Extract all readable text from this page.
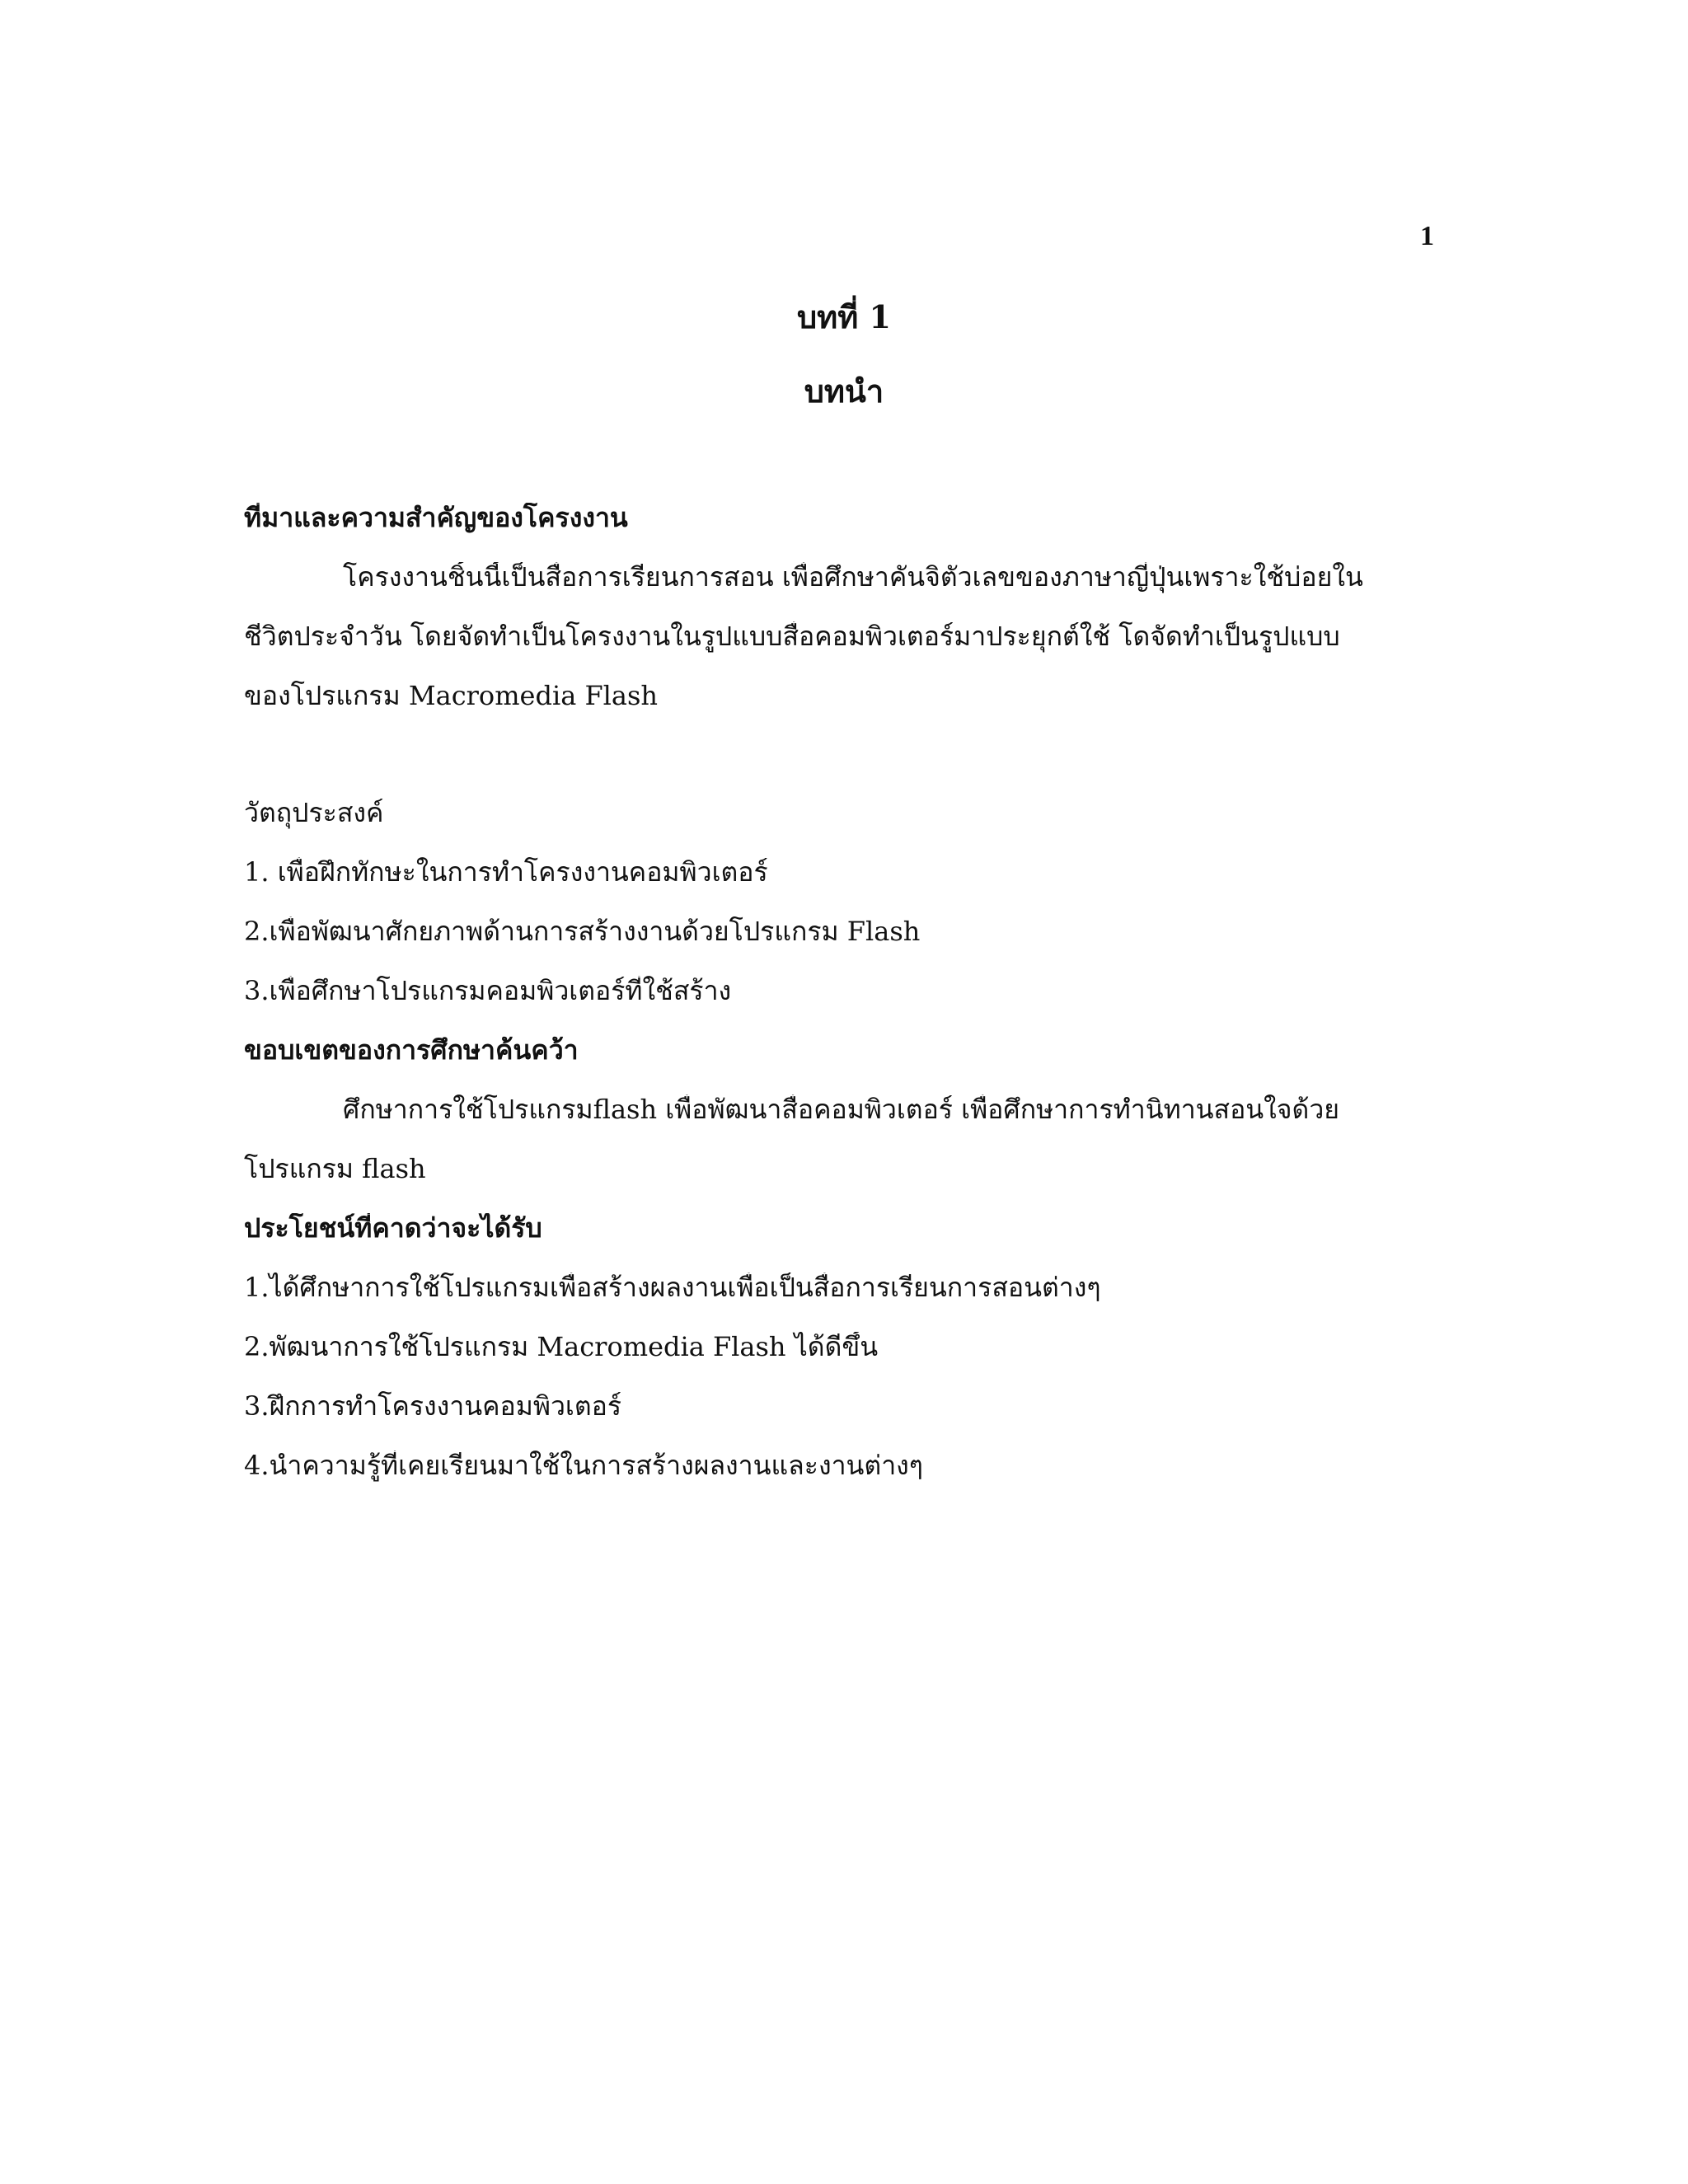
1
บทที่ 1
บทนำ
ที่มาและความสำคัญของโครงงาน
โครงงานชิ้นนี้เป็นสื่อการเรียนการสอน เพื่อศึกษาคันจิตัวเลขของภาษาญี่ปุ่นเพราะใช้บ่อยใน
ชีวิตประจำวัน โดยจัดทำเป็นโครงงานในรูปแบบสื่อคอมพิวเตอร์มาประยุกต์ใช้ โดจัดทำเป็นรูปแบบ
ของโปรแกรม Macromedia Flash
วัตถุประสงค์
1. เพื่อฝึกทักษะในการทำโครงงานคอมพิวเตอร์
2.เพื่อพัฒนาศักยภาพด้านการสร้างงานด้วยโปรแกรม Flash
3.เพื่อศึกษาโปรแกรมคอมพิวเตอร์ที่ใช้สร้าง
ขอบเขตของการศึกษาค้นคว้า
ศึกษาการใช้โปรแกรมflash เพื่อพัฒนาสื่อคอมพิวเตอร์ เพื่อศึกษาการทำนิทานสอนใจด้วย
โปรแกรม flash
ประโยชน์ที่คาดว่าจะได้รับ
1.ได้ศึกษาการใช้โปรแกรมเพื่อสร้างผลงานเพื่อเป็นสื่อการเรียนการสอนต่างๆ
2.พัฒนาการใช้โปรแกรม Macromedia Flash ได้ดีขึ้น
3.ฝึกการทำโครงงานคอมพิวเตอร์
4.นำความรู้ที่เคยเรียนมาใช้ในการสร้างผลงานและงานต่างๆ
